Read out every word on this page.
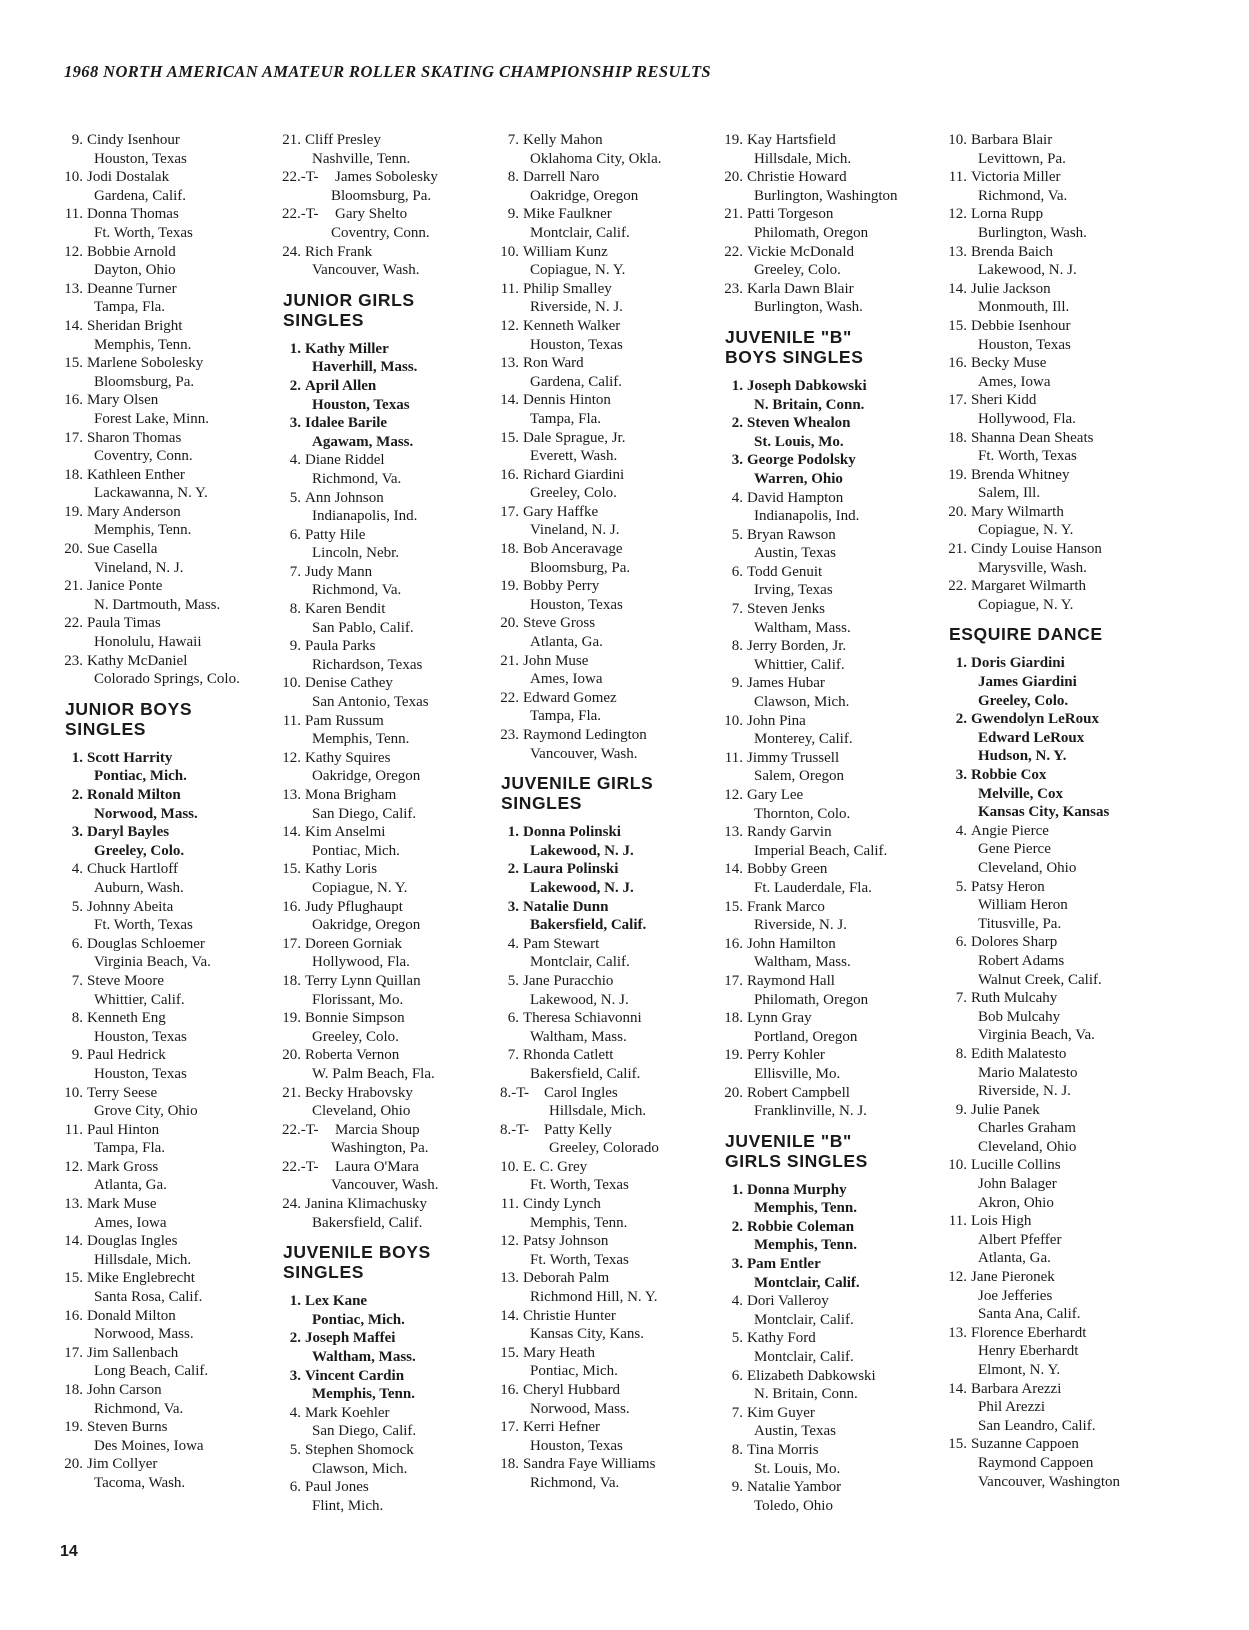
1968 NORTH AMERICAN AMATEUR ROLLER SKATING CHAMPIONSHIP RESULTS
9. Cindy Isenhour
Houston, Texas
10. Jodi Dostalak
Gardena, Calif.
11. Donna Thomas
Ft. Worth, Texas
12. Bobbie Arnold
Dayton, Ohio
13. Deanne Turner
Tampa, Fla.
14. Sheridan Bright
Memphis, Tenn.
15. Marlene Sobolesky
Bloomsburg, Pa.
16. Mary Olsen
Forest Lake, Minn.
17. Sharon Thomas
Coventry, Conn.
18. Kathleen Enther
Lackawanna, N. Y.
19. Mary Anderson
Memphis, Tenn.
20. Sue Casella
Vineland, N. J.
21. Janice Ponte
N. Dartmouth, Mass.
22. Paula Timas
Honolulu, Hawaii
23. Kathy McDaniel
Colorado Springs, Colo.
JUNIOR BOYS
SINGLES
1. Scott Harrity
Pontiac, Mich.
2. Ronald Milton
Norwood, Mass.
3. Daryl Bayles
Greeley, Colo.
4. Chuck Hartloff
Auburn, Wash.
5. Johnny Abeita
Ft. Worth, Texas
6. Douglas Schloemer
Virginia Beach, Va.
7. Steve Moore
Whittier, Calif.
8. Kenneth Eng
Houston, Texas
9. Paul Hedrick
Houston, Texas
10. Terry Seese
Grove City, Ohio
11. Paul Hinton
Tampa, Fla.
12. Mark Gross
Atlanta, Ga.
13. Mark Muse
Ames, Iowa
14. Douglas Ingles
Hillsdale, Mich.
15. Mike Englebrecht
Santa Rosa, Calif.
16. Donald Milton
Norwood, Mass.
17. Jim Sallenbach
Long Beach, Calif.
18. John Carson
Richmond, Va.
19. Steven Burns
Des Moines, Iowa
20. Jim Collyer
Tacoma, Wash.
21. Cliff Presley
Nashville, Tenn.
22.-T-	James Sobolesky
Bloomsburg, Pa.
22.-T-	Gary Shelto
Coventry, Conn.
24. Rich Frank
Vancouver, Wash.
JUNIOR GIRLS
SINGLES
1. Kathy Miller
Haverhill, Mass.
2. April Allen
Houston, Texas
3. Idalee Barile
Agawam, Mass.
4. Diane Riddel
Richmond, Va.
5. Ann Johnson
Indianapolis, Ind.
6. Patty Hile
Lincoln, Nebr.
7. Judy Mann
Richmond, Va.
8. Karen Bendit
San Pablo, Calif.
9. Paula Parks
Richardson, Texas
10. Denise Cathey
San Antonio, Texas
11. Pam Russum
Memphis, Tenn.
12. Kathy Squires
Oakridge, Oregon
13. Mona Brigham
San Diego, Calif.
14. Kim Anselmi
Pontiac, Mich.
15. Kathy Loris
Copiague, N. Y.
16. Judy Pflughaupt
Oakridge, Oregon
17. Doreen Gorniak
Hollywood, Fla.
18. Terry Lynn Quillan
Florissant, Mo.
19. Bonnie Simpson
Greeley, Colo.
20. Roberta Vernon
W. Palm Beach, Fla.
21. Becky Hrabovsky
Cleveland, Ohio
22.-T-	Marcia Shoup
Washington, Pa.
22.-T-	Laura O'Mara
Vancouver, Wash.
24. Janina Klimachusky
Bakersfield, Calif.
JUVENILE BOYS
SINGLES
1. Lex Kane
Pontiac, Mich.
2. Joseph Maffei
Waltham, Mass.
3. Vincent Cardin
Memphis, Tenn.
4. Mark Koehler
San Diego, Calif.
5. Stephen Shomock
Clawson, Mich.
6. Paul Jones
Flint, Mich.
7. Kelly Mahon
Oklahoma City, Okla.
8. Darrell Naro
Oakridge, Oregon
9. Mike Faulkner
Montclair, Calif.
10. William Kunz
Copiague, N. Y.
11. Philip Smalley
Riverside, N. J.
12. Kenneth Walker
Houston, Texas
13. Ron Ward
Gardena, Calif.
14. Dennis Hinton
Tampa, Fla.
15. Dale Sprague, Jr.
Everett, Wash.
16. Richard Giardini
Greeley, Colo.
17. Gary Haffke
Vineland, N. J.
18. Bob Anceravage
Bloomsburg, Pa.
19. Bobby Perry
Houston, Texas
20. Steve Gross
Atlanta, Ga.
21. John Muse
Ames, Iowa
22. Edward Gomez
Tampa, Fla.
23. Raymond Ledington
Vancouver, Wash.
JUVENILE GIRLS
SINGLES
1. Donna Polinski
Lakewood, N. J.
2. Laura Polinski
Lakewood, N. J.
3. Natalie Dunn
Bakersfield, Calif.
4. Pam Stewart
Montclair, Calif.
5. Jane Puracchio
Lakewood, N. J.
6. Theresa Schiavonni
Waltham, Mass.
7. Rhonda Catlett
Bakersfield, Calif.
8.-T- Carol Ingles
Hillsdale, Mich.
8.-T- Patty Kelly
Greeley, Colorado
10. E. C. Grey
Ft. Worth, Texas
11. Cindy Lynch
Memphis, Tenn.
12. Patsy Johnson
Ft. Worth, Texas
13. Deborah Palm
Richmond Hill, N. Y.
14. Christie Hunter
Kansas City, Kans.
15. Mary Heath
Pontiac, Mich.
16. Cheryl Hubbard
Norwood, Mass.
17. Kerri Hefner
Houston, Texas
18. Sandra Faye Williams
Richmond, Va.
19. Kay Hartsfield
Hillsdale, Mich.
20. Christie Howard
Burlington, Washington
21. Patti Torgeson
Philomath, Oregon
22. Vickie McDonald
Greeley, Colo.
23. Karla Dawn Blair
Burlington, Wash.
JUVENILE "B"
BOYS SINGLES
1. Joseph Dabkowski
N. Britain, Conn.
2. Steven Whealon
St. Louis, Mo.
3. George Podolsky
Warren, Ohio
4. David Hampton
Indianapolis, Ind.
5. Bryan Rawson
Austin, Texas
6. Todd Genuit
Irving, Texas
7. Steven Jenks
Waltham, Mass.
8. Jerry Borden, Jr.
Whittier, Calif.
9. James Hubar
Clawson, Mich.
10. John Pina
Monterey, Calif.
11. Jimmy Trussell
Salem, Oregon
12. Gary Lee
Thornton, Colo.
13. Randy Garvin
Imperial Beach, Calif.
14. Bobby Green
Ft. Lauderdale, Fla.
15. Frank Marco
Riverside, N. J.
16. John Hamilton
Waltham, Mass.
17. Raymond Hall
Philomath, Oregon
18. Lynn Gray
Portland, Oregon
19. Perry Kohler
Ellisville, Mo.
20. Robert Campbell
Franklinville, N. J.
JUVENILE "B"
GIRLS SINGLES
1. Donna Murphy
Memphis, Tenn.
2. Robbie Coleman
Memphis, Tenn.
3. Pam Entler
Montclair, Calif.
4. Dori Valleroy
Montclair, Calif.
5. Kathy Ford
Montclair, Calif.
6. Elizabeth Dabkowski
N. Britain, Conn.
7. Kim Guyer
Austin, Texas
8. Tina Morris
St. Louis, Mo.
9. Natalie Yambor
Toledo, Ohio
10. Barbara Blair
Levittown, Pa.
11. Victoria Miller
Richmond, Va.
12. Lorna Rupp
Burlington, Wash.
13. Brenda Baich
Lakewood, N. J.
14. Julie Jackson
Monmouth, Ill.
15. Debbie Isenhour
Houston, Texas
16. Becky Muse
Ames, Iowa
17. Sheri Kidd
Hollywood, Fla.
18. Shanna Dean Sheats
Ft. Worth, Texas
19. Brenda Whitney
Salem, Ill.
20. Mary Wilmarth
Copiague, N. Y.
21. Cindy Louise Hanson
Marysville, Wash.
22. Margaret Wilmarth
Copiague, N. Y.
ESQUIRE DANCE
1. Doris Giardini
James Giardini
Greeley, Colo.
2. Gwendolyn LeRoux
Edward LeRoux
Hudson, N. Y.
3. Robbie Cox
Melville, Cox
Kansas City, Kansas
4. Angie Pierce
Gene Pierce
Cleveland, Ohio
5. Patsy Heron
William Heron
Titusville, Pa.
6. Dolores Sharp
Robert Adams
Walnut Creek, Calif.
7. Ruth Mulcahy
Bob Mulcahy
Virginia Beach, Va.
8. Edith Malatesto
Mario Malatesto
Riverside, N. J.
9. Julie Panek
Charles Graham
Cleveland, Ohio
10. Lucille Collins
John Balager
Akron, Ohio
11. Lois High
Albert Pfeffer
Atlanta, Ga.
12. Jane Pieronek
Joe Jefferies
Santa Ana, Calif.
13. Florence Eberhardt
Henry Eberhardt
Elmont, N. Y.
14. Barbara Arezzi
Phil Arezzi
San Leandro, Calif.
15. Suzanne Cappoen
Raymond Cappoen
Vancouver, Washington
14
